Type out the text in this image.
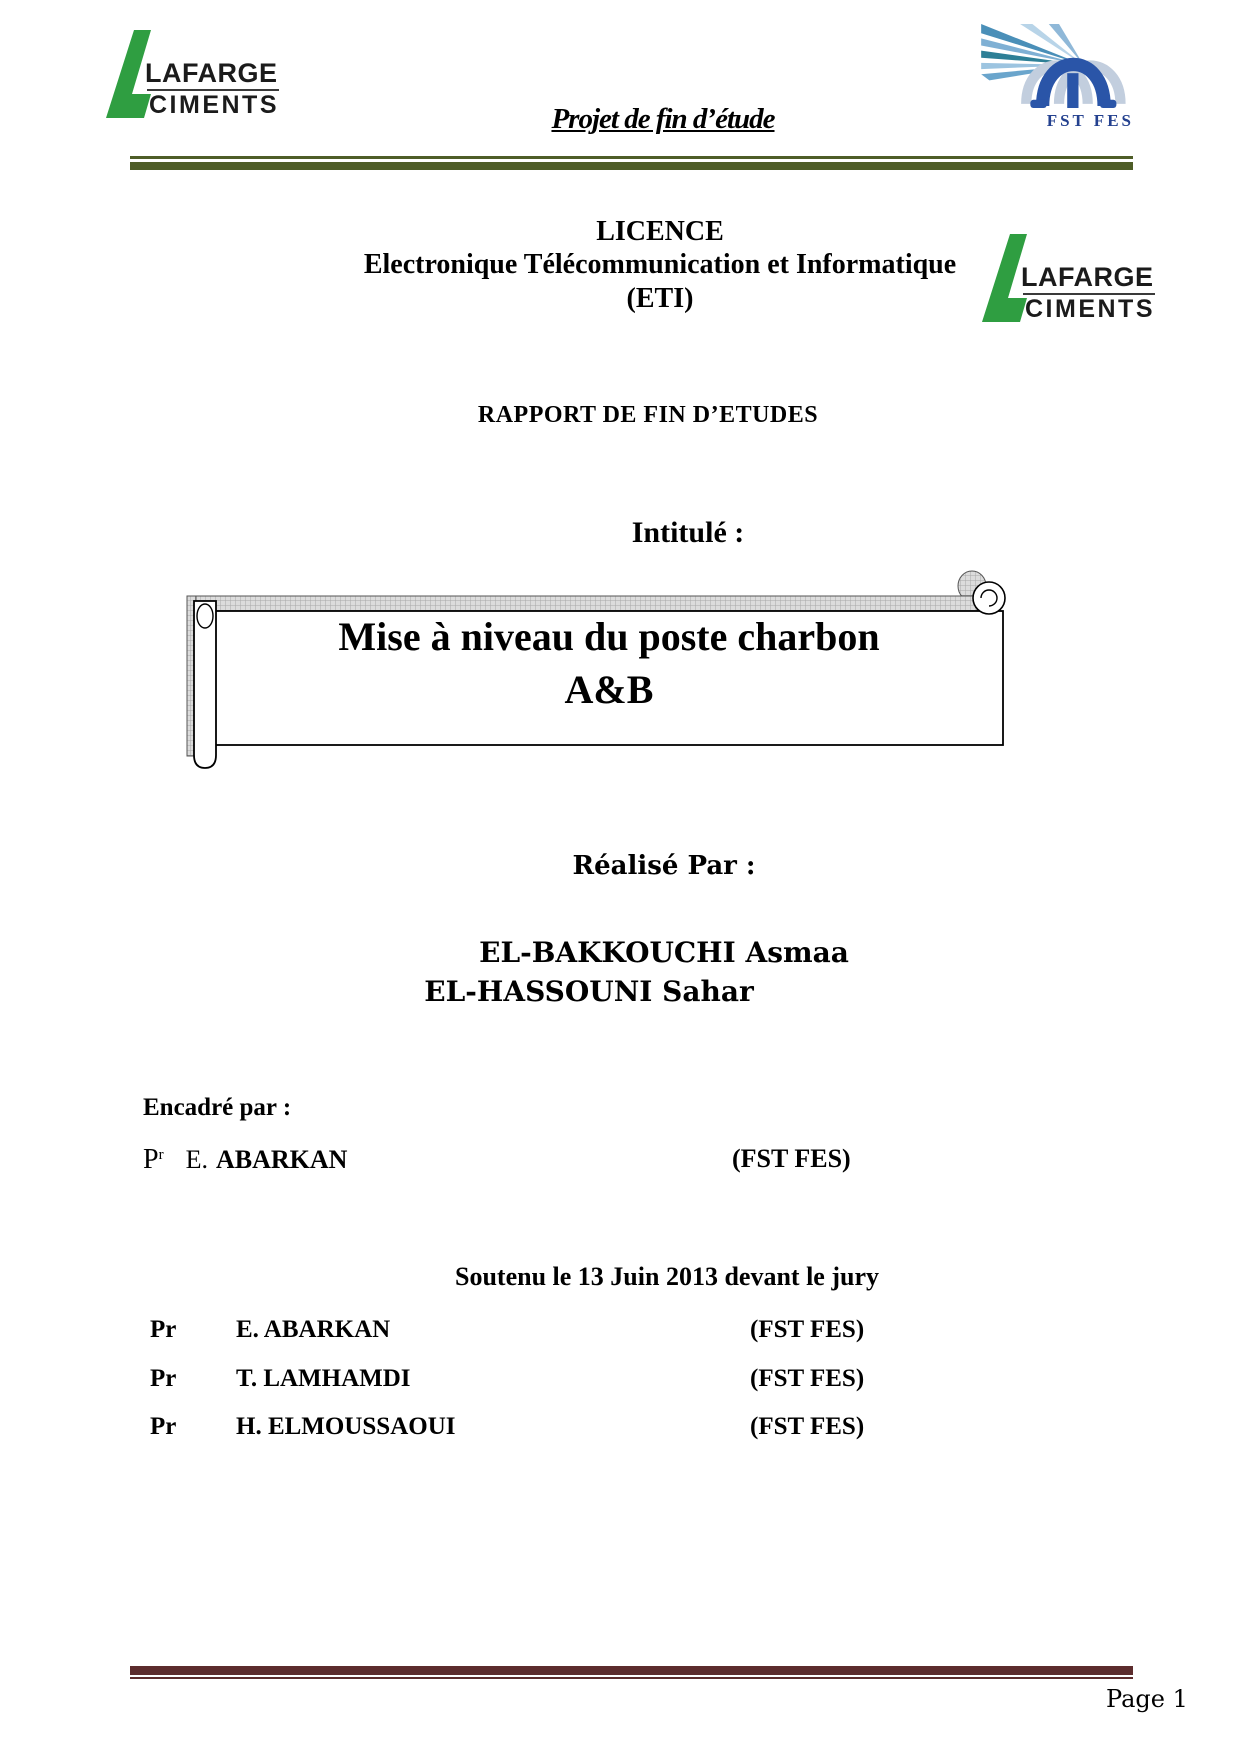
LAFARGE
CIMENTS
FST FES
Projet de fin d’étude
LICENCE
Electronique Télécommunication et Informatique
(ETI)
LAFARGE
CIMENTS
RAPPORT DE FIN D’ETUDES
Intitulé :
Mise à niveau du poste charbon
A&B
Réalisé Par :
EL-BAKKOUCHI Asmaa
EL-HASSOUNI Sahar
Encadré par :
$P^r$ E. ABARKAN	(FST FES)
Soutenu le 13 Juin 2013 devant le jury
Pr E. ABARKAN	(FST FES)
Pr T. LAMHAMDI	(FST FES)
Pr H. ELMOUSSAOUI	(FST FES)
Page 1
